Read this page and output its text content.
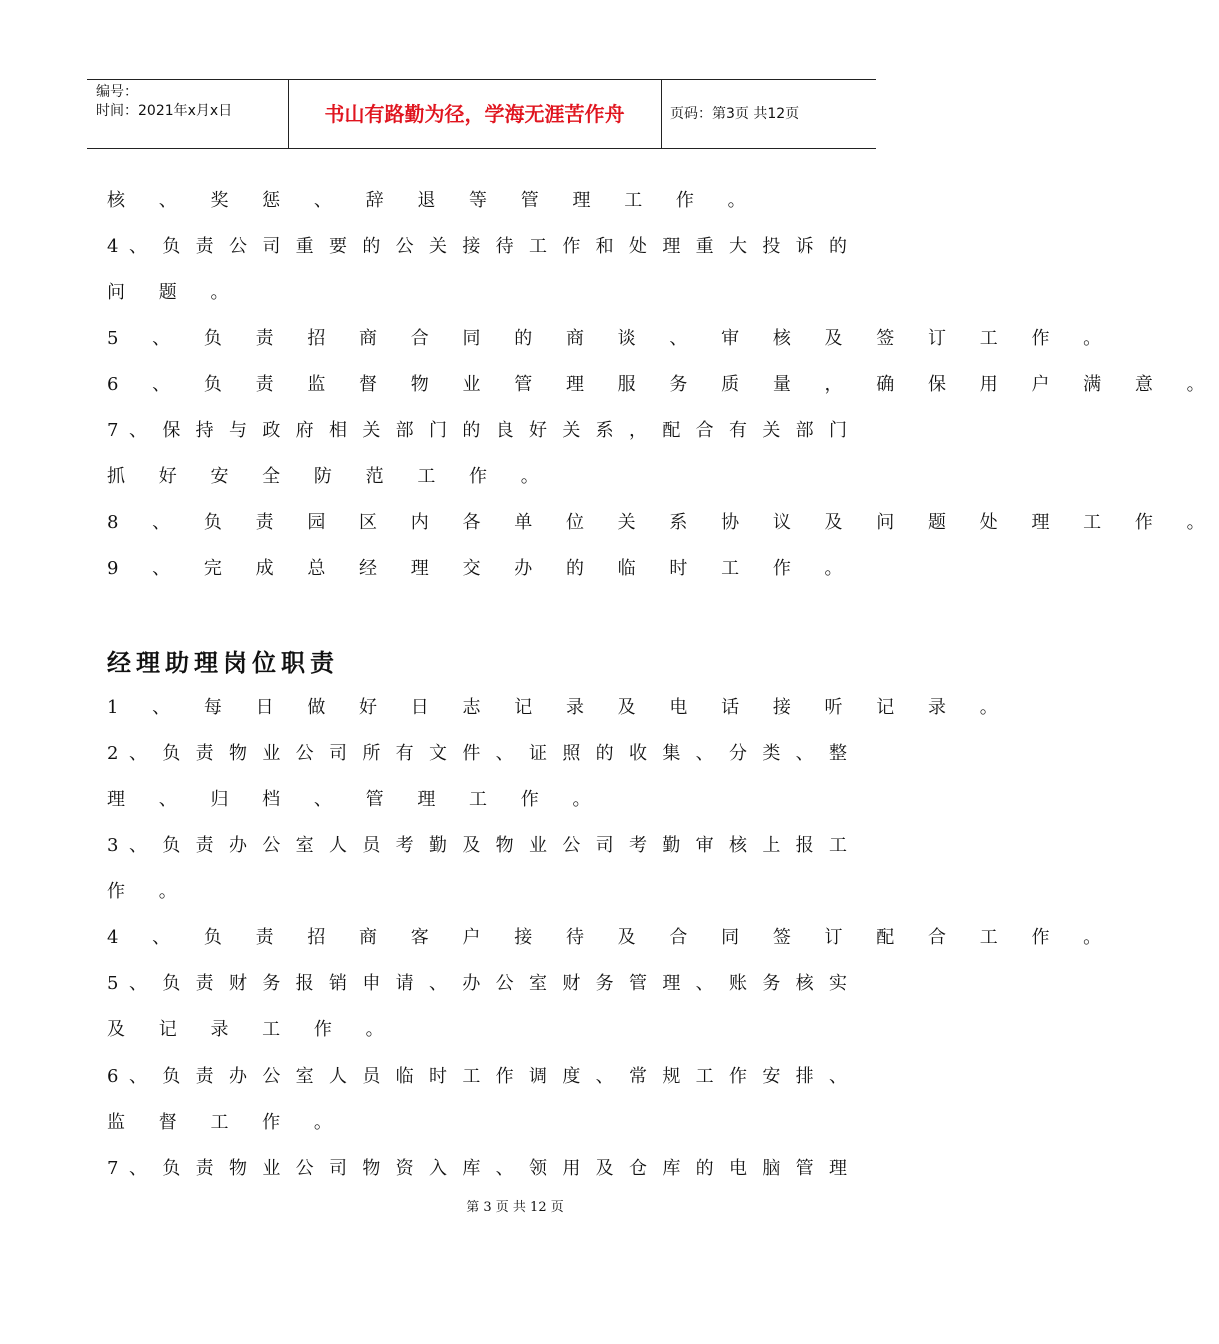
编号：
时间：2021年x月x日	书山有路勤为径，学海无涯苦作舟	页码：第3页 共12页
核 、 奖 惩 、 辞 退 等 管 理 工 作 。
4 、 负 责 公 司 重 要 的 公 关 接 待 工 作 和 处 理 重 大 投 诉 的
问 题 。
5 、 负 责 招 商 合 同 的 商 谈 、 审 核 及 签 订 工 作 。
6 、 负 责 监 督 物 业 管 理 服 务 质 量 ， 确 保 用 户 满 意 。
7 、 保 持 与 政 府 相 关 部 门 的 良 好 关 系 ， 配 合 有 关 部 门
抓 好 安 全 防 范 工 作 。
8 、 负 责 园 区 内 各 单 位 关 系 协 议 及 问 题 处 理 工 作 。
9 、 完 成 总 经 理 交 办 的 临 时 工 作 。
经理助理岗位职责
1 、 每 日 做 好 日 志 记 录 及 电 话 接 听 记 录 。
2 、 负 责 物 业 公 司 所 有 文 件 、 证 照 的 收 集 、 分 类 、 整
理 、 归 档 、 管 理 工 作 。
3 、 负 责 办 公 室 人 员 考 勤 及 物 业 公 司 考 勤 审 核 上 报 工
作 。
4 、 负 责 招 商 客 户 接 待 及 合 同 签 订 配 合 工 作 。
5 、 负 责 财 务 报 销 申 请 、 办 公 室 财 务 管 理 、 账 务 核 实
及 记 录 工 作 。
6 、 负 责 办 公 室 人 员 临 时 工 作 调 度 、 常 规 工 作 安 排 、
监 督 工 作 。
7 、 负 责 物 业 公 司 物 资 入 库 、 领 用 及 仓 库 的 电 脑 管 理
第 3 页 共 12 页
